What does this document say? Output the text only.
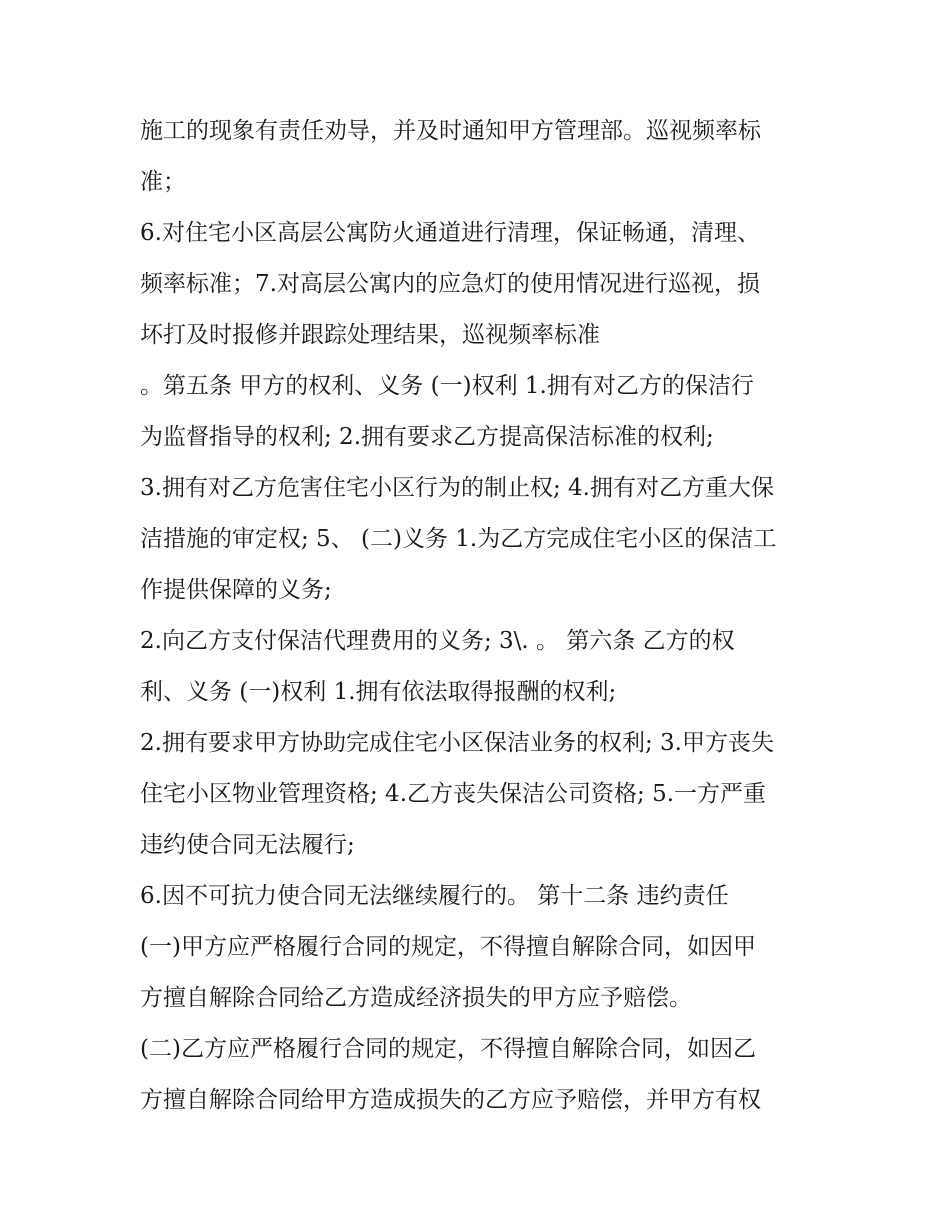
施工的现象有责任劝导，并及时通知甲方管理部。巡视频率标
准；
6.对住宅小区高层公寓防火通道进行清理，保证畅通，清理、
频率标准；7.对高层公寓内的应急灯的使用情况进行巡视，损
坏打及时报修并跟踪处理结果，巡视频率标准
。第五条 甲方的权利、义务 (一)权利 1.拥有对乙方的保洁行
为监督指导的权利; 2.拥有要求乙方提高保洁标准的权利;
3.拥有对乙方危害住宅小区行为的制止权; 4.拥有对乙方重大保
洁措施的审定权; 5、 (二)义务 1.为乙方完成住宅小区的保洁工
作提供保障的义务;
2.向乙方支付保洁代理费用的义务; 3\. 。 第六条 乙方的权
利、义务 (一)权利 1.拥有依法取得报酬的权利;
2.拥有要求甲方协助完成住宅小区保洁业务的权利; 3.甲方丧失
住宅小区物业管理资格; 4.乙方丧失保洁公司资格; 5.一方严重
违约使合同无法履行;
6.因不可抗力使合同无法继续履行的。 第十二条 违约责任
(一)甲方应严格履行合同的规定，不得擅自解除合同，如因甲
方擅自解除合同给乙方造成经济损失的甲方应予赔偿。
(二)乙方应严格履行合同的规定，不得擅自解除合同，如因乙
方擅自解除合同给甲方造成损失的乙方应予赔偿，并甲方有权
